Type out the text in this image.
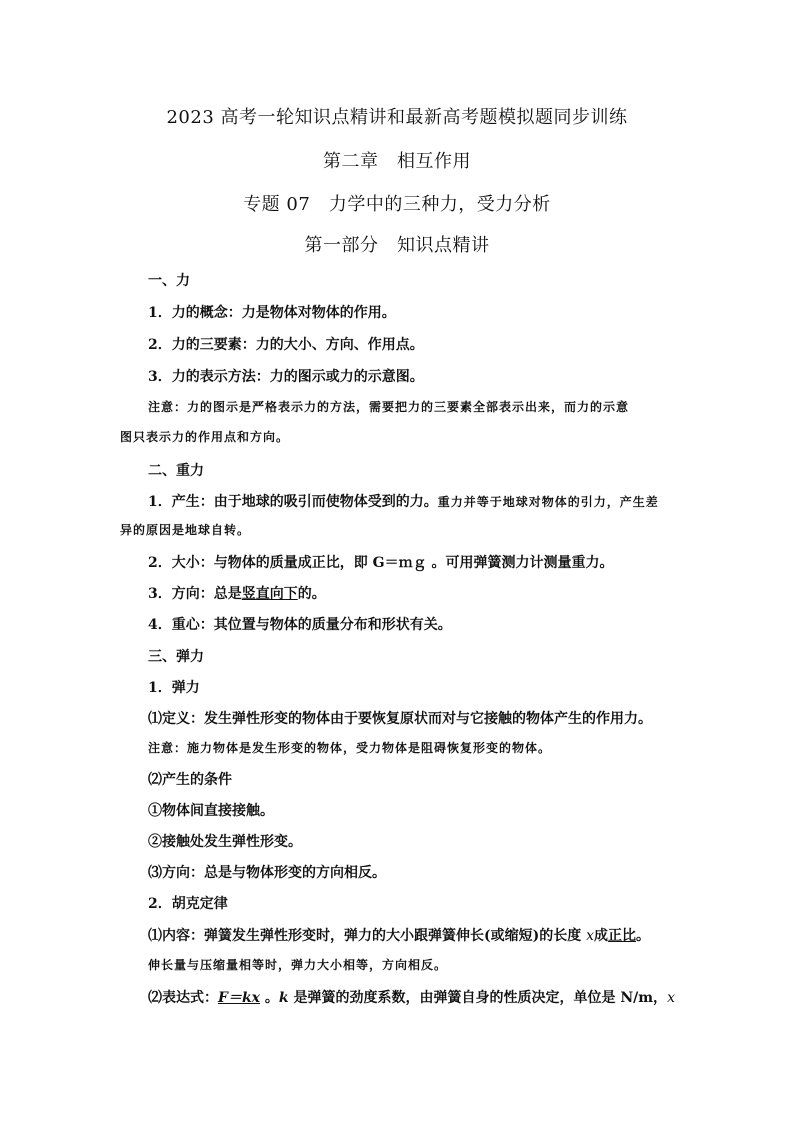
2023 高考一轮知识点精讲和最新高考题模拟题同步训练
第二章　相互作用
专题 07　力学中的三种力，受力分析
第一部分　知识点精讲
一、力
1．力的概念：力是物体对物体的作用。
2．力的三要素：力的大小、方向、作用点。
3．力的表示方法：力的图示或力的示意图。
注意：力的图示是严格表示力的方法，需要把力的三要素全部表示出来，而力的示意
图只表示力的作用点和方向。
二、重力
1．产生：由于地球的吸引而使物体受到的力。重力并等于地球对物体的引力，产生差
异的原因是地球自转。
2．大小：与物体的质量成正比，即 G＝ｍｇ 。可用弹簧测力计测量重力。
3．方向：总是竖直向下的。
4．重心：其位置与物体的质量分布和形状有关。
三、弹力
1．弹力
⑴定义：发生弹性形变的物体由于要恢复原状而对与它接触的物体产生的作用力。
注意：施力物体是发生形变的物体，受力物体是阻碍恢复形变的物体。
⑵产生的条件
①物体间直接接触。
②接触处发生弹性形变。
⑶方向：总是与物体形变的方向相反。
2．胡克定律
⑴内容：弹簧发生弹性形变时，弹力的大小跟弹簧伸长(或缩短)的长度 x成正比。
伸长量与压缩量相等时，弹力大小相等，方向相反。
⑵表达式：F＝kx 。k 是弹簧的劲度系数，由弹簧自身的性质决定，单位是 N/m，x
